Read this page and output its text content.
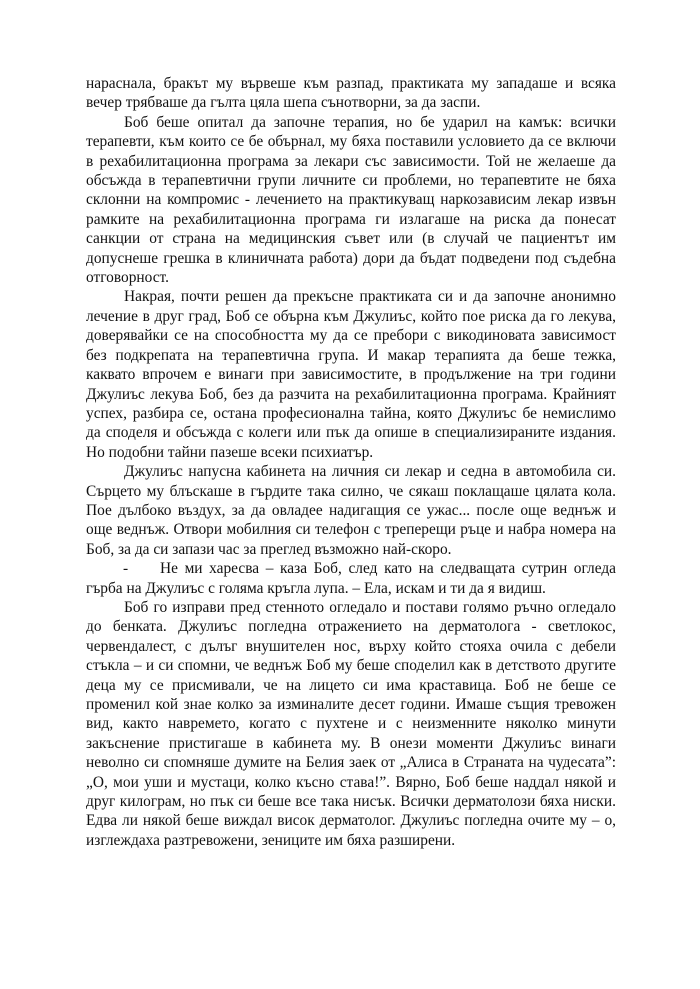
нараснала, бракът му вървеше към разпад, практиката му западаше и всяка вечер трябваше да гълта цяла шепа сънотворни, за да заспи.

Боб беше опитал да започне терапия, но бе ударил на камък: всички терапевти, към които се бе обърнал, му бяха поставили условието да се включи в рехабилитационна програма за лекари със зависимости. Той не желаеше да обсъжда в терапевтични групи личните си проблеми, но терапевтите не бяха склонни на компромис - лечението на практикуващ наркозависим лекар извън рамките на рехабилитационна програма ги излагаше на риска да понесат санкции от страна на медицинския съвет или (в случай че пациентът им допуснеше грешка в клиничната работа) дори да бъдат подведени под съдебна отговорност.

Накрая, почти решен да прекъсне практиката си и да започне анонимно лечение в друг град, Боб се обърна към Джулиъс, който пое риска да го лекува, доверявайки се на способността му да се пребори с викодиновата зависимост без подкрепата на терапевтична група. И макар терапията да беше тежка, каквато впрочем е винаги при зависимостите, в продължение на три години Джулиъс лекува Боб, без да разчита на рехабилитационна програма. Крайният успех, разбира се, остана професионална тайна, която Джулиъс бе немислимо да споделя и обсъжда с колеги или пък да опише в специализираните издания. Но подобни тайни пазеше всеки психиатър.

Джулиъс напусна кабинета на личния си лекар и седна в автомобила си. Сърцето му блъскаше в гърдите така силно, че сякаш поклащаше цялата кола. Пое дълбоко въздух, за да овладее надигащия се ужас... после още веднъж и още веднъж. Отвори мобилния си телефон с треперещи ръце и набра номера на Боб, за да си запази час за преглед възможно най-скоро.

- Не ми харесва – каза Боб, след като на следващата сутрин огледа гърба на Джулиъс с голяма кръгла лупа. – Ела, искам и ти да я видиш.

Боб го изправи пред стенното огледало и постави голямо ръчно огледало до бенката. Джулиъс погледна отражението на дерматолога - светлокос, червендалест, с дълъг внушителен нос, върху който стояха очила с дебели стъкла – и си спомни, че веднъж Боб му беше споделил как в детството другите деца му се присмивали, че на лицето си има краставица. Боб не беше се променил кой знае колко за изминалите десет години. Имаше същия тревожен вид, както навремето, когато с пухтене и с неизменните няколко минути закъснение пристигаше в кабинета му. В онези моменти Джулиъс винаги неволно си спомняше думите на Белия заек от „Алиса в Страната на чудесата”: „О, мои уши и мустаци, колко късно става!”. Вярно, Боб беше наддал някой и друг килограм, но пък си беше все така нисък. Всички дерматолози бяха ниски. Едва ли някой беше виждал висок дерматолог. Джулиъс погледна очите му – о, изглеждаха разтревожени, зениците им бяха разширени.
